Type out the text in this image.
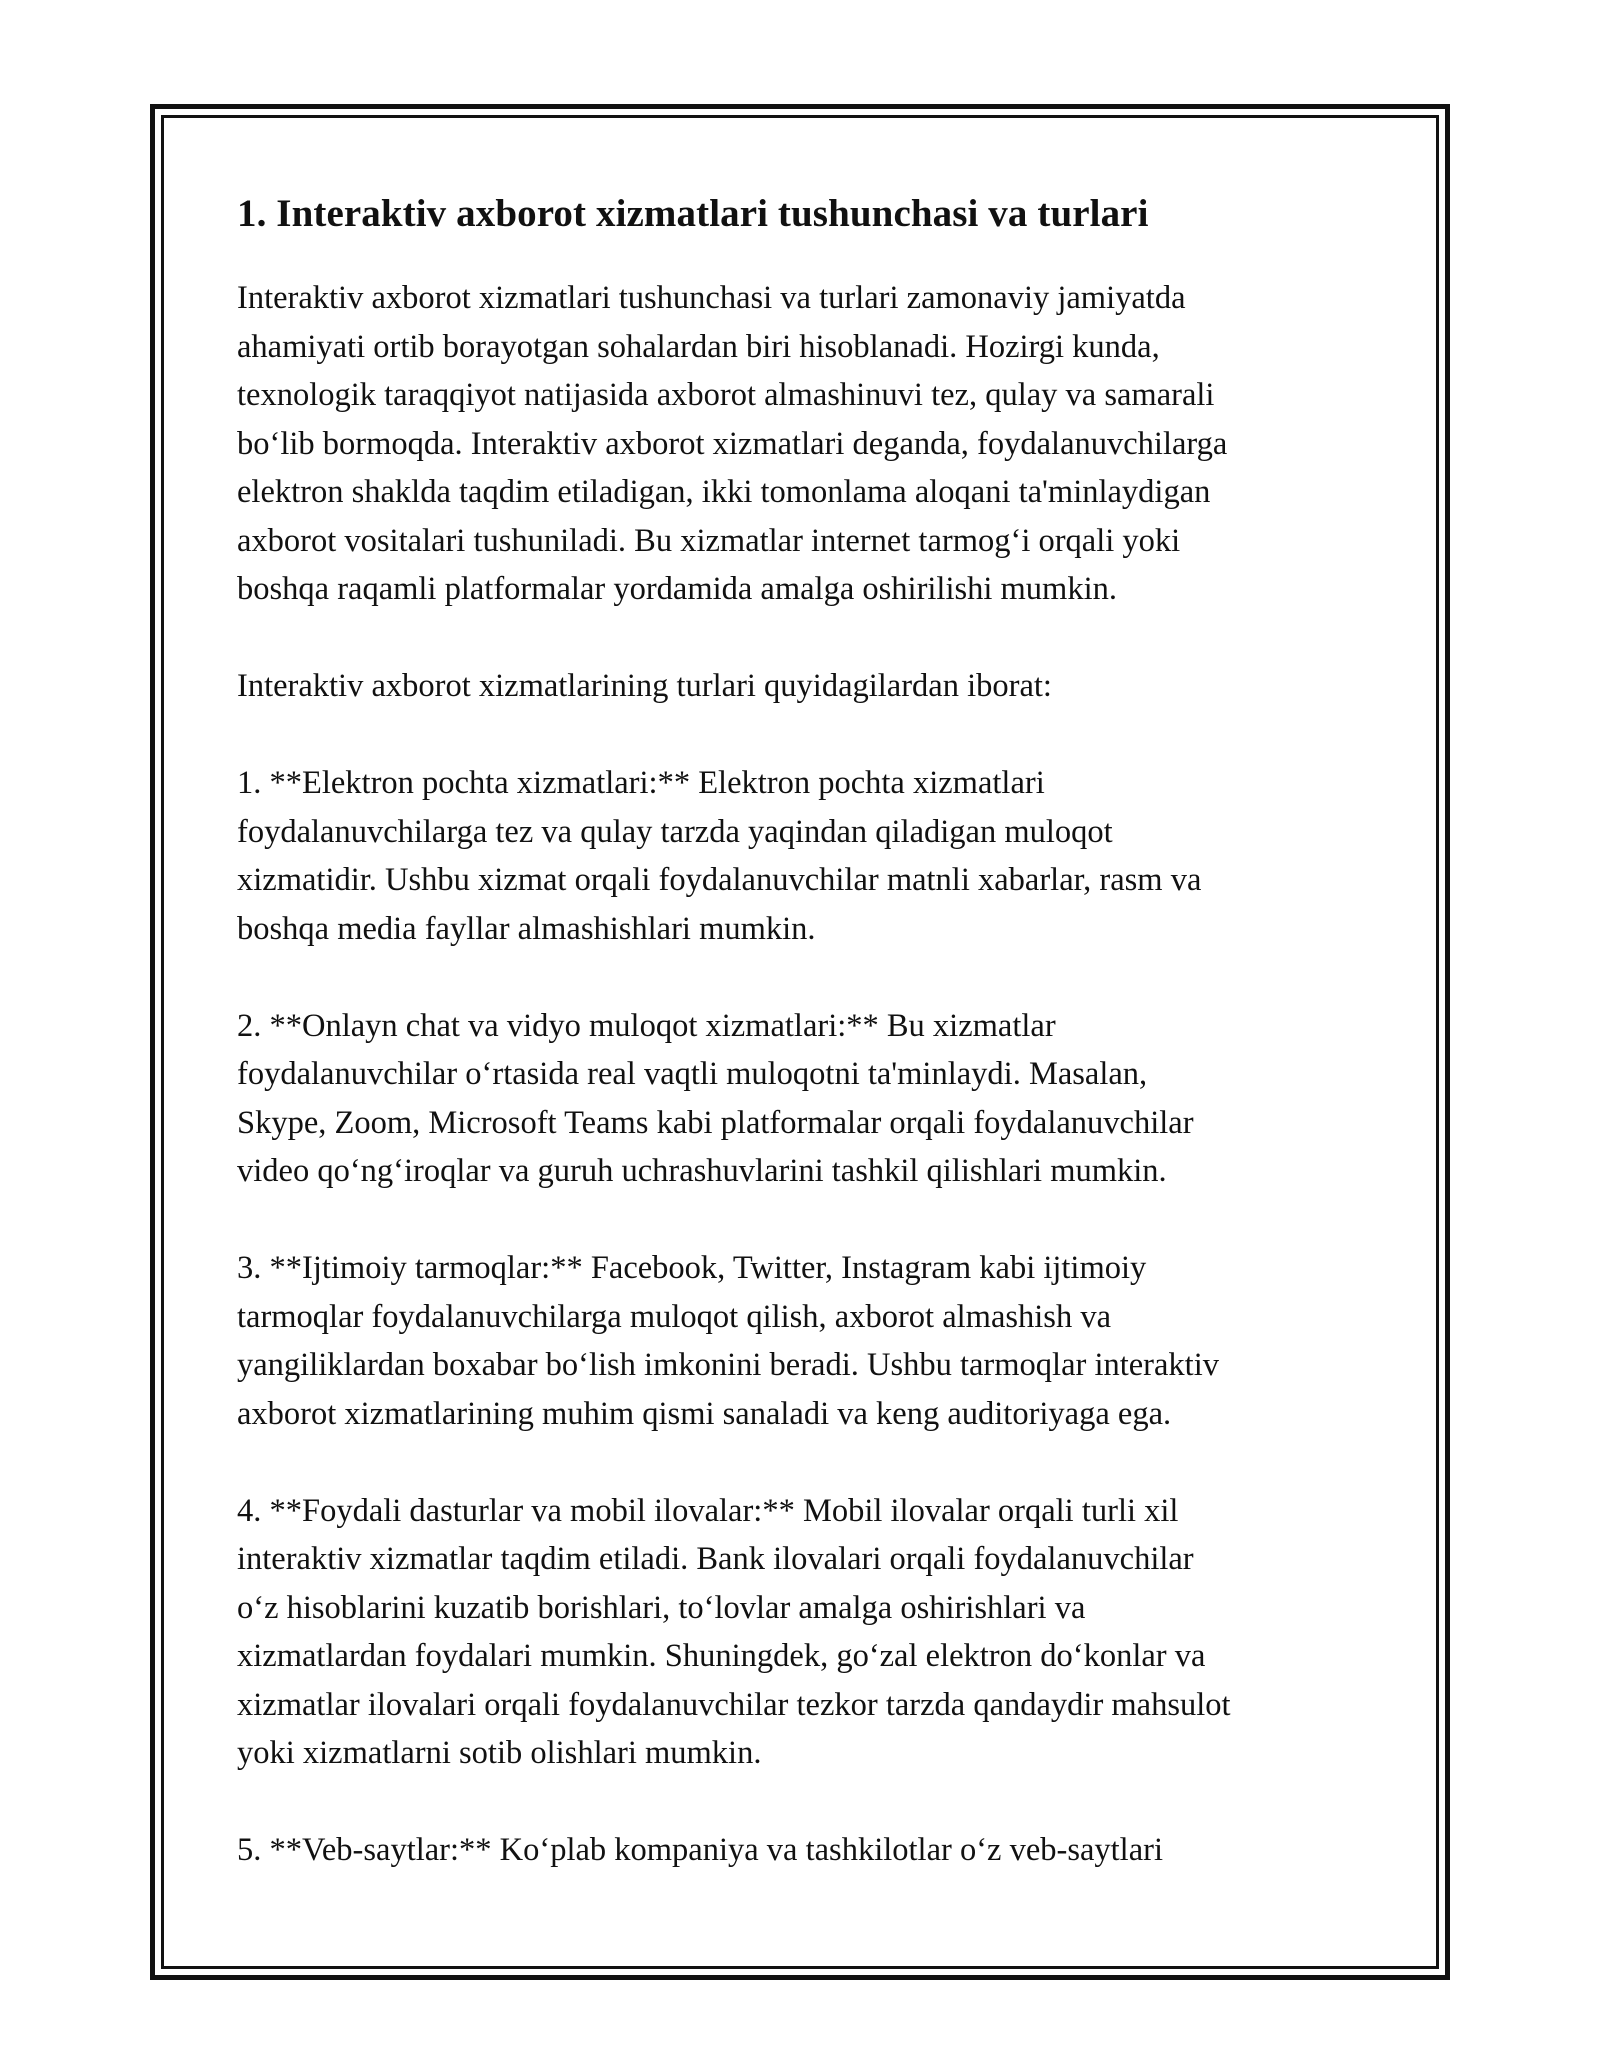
1. Interaktiv axborot xizmatlari tushunchasi va turlari

Interaktiv axborot xizmatlari tushunchasi va turlari zamonaviy jamiyatda
ahamiyati ortib borayotgan sohalardan biri hisoblanadi. Hozirgi kunda,
texnologik taraqqiyot natijasida axborot almashinuvi tez, qulay va samarali
bo‘lib bormoqda. Interaktiv axborot xizmatlari deganda, foydalanuvchilarga
elektron shaklda taqdim etiladigan, ikki tomonlama aloqani ta'minlaydigan
axborot vositalari tushuniladi. Bu xizmatlar internet tarmog‘i orqali yoki
boshqa raqamli platformalar yordamida amalga oshirilishi mumkin.

Interaktiv axborot xizmatlarining turlari quyidagilardan iborat:

1. **Elektron pochta xizmatlari:** Elektron pochta xizmatlari
foydalanuvchilarga tez va qulay tarzda yaqindan qiladigan muloqot
xizmatidir. Ushbu xizmat orqali foydalanuvchilar matnli xabarlar, rasm va
boshqa media fayllar almashishlari mumkin.

2. **Onlayn chat va vidyo muloqot xizmatlari:** Bu xizmatlar
foydalanuvchilar o‘rtasida real vaqtli muloqotni ta'minlaydi. Masalan,
Skype, Zoom, Microsoft Teams kabi platformalar orqali foydalanuvchilar
video qo‘ng‘iroqlar va guruh uchrashuvlarini tashkil qilishlari mumkin.

3. **Ijtimoiy tarmoqlar:** Facebook, Twitter, Instagram kabi ijtimoiy
tarmoqlar foydalanuvchilarga muloqot qilish, axborot almashish va
yangiliklardan boxabar bo‘lish imkonini beradi. Ushbu tarmoqlar interaktiv
axborot xizmatlarining muhim qismi sanaladi va keng auditoriyaga ega.

4. **Foydali dasturlar va mobil ilovalar:** Mobil ilovalar orqali turli xil
interaktiv xizmatlar taqdim etiladi. Bank ilovalari orqali foydalanuvchilar
o‘z hisoblarini kuzatib borishlari, to‘lovlar amalga oshirishlari va
xizmatlardan foydalari mumkin. Shuningdek, go‘zal elektron do‘konlar va
xizmatlar ilovalari orqali foydalanuvchilar tezkor tarzda qandaydir mahsulot
yoki xizmatlarni sotib olishlari mumkin.

5. **Veb-saytlar:** Ko‘plab kompaniya va tashkilotlar o‘z veb-saytlari
